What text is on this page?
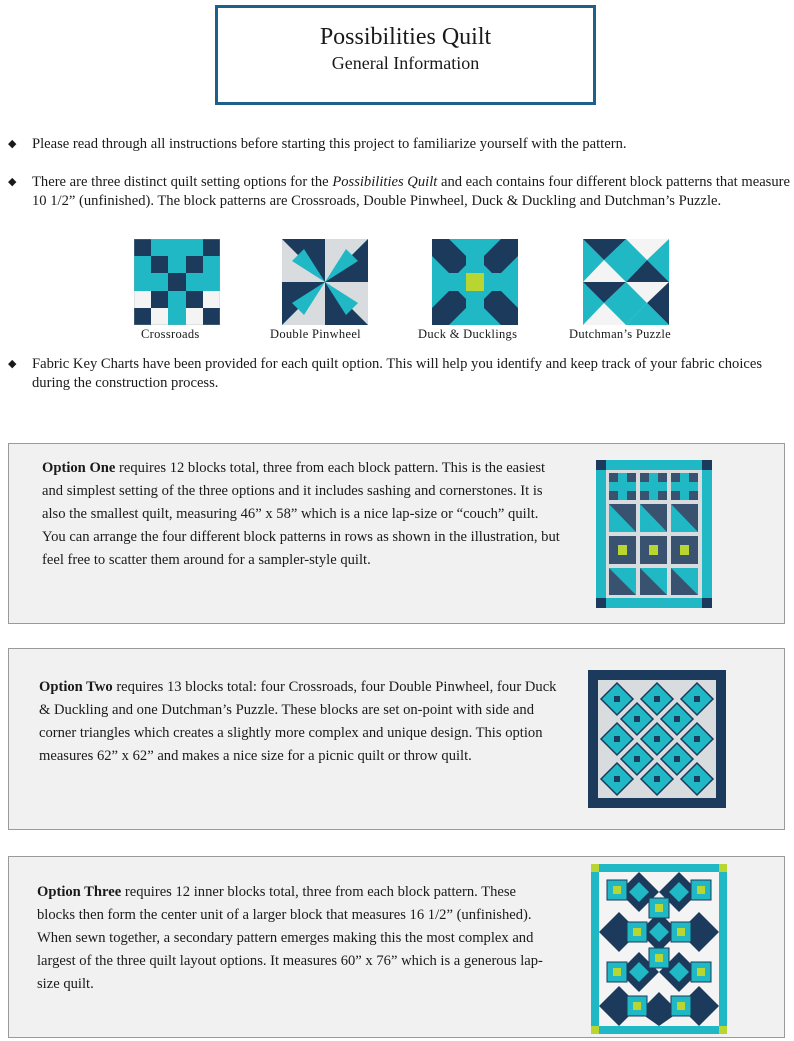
Possibilities Quilt
General Information
◆ Please read through all instructions before starting this project to familiarize yourself with the pattern.
◆ There are three distinct quilt setting options for the Possibilities Quilt and each contains four different block patterns that measure 10 1/2” (unfinished). The block patterns are Crossroads, Double Pinwheel, Duck & Duckling and Dutchman’s Puzzle.
Crossroads	Double Pinwheel	Duck & Ducklings	Dutchman’s Puzzle
◆ Fabric Key Charts have been provided for each quilt option. This will help you identify and keep track of your fabric choices during the construction process.
Option One requires 12 blocks total, three from each block pattern. This is the easiest and simplest setting of the three options and it includes sashing and cornerstones. It is also the smallest quilt, measuring 46” x 58” which is a nice lap-size or “couch” quilt. You can arrange the four different block patterns in rows as shown in the illustration, but feel free to scatter them around for a sampler-style quilt.
Option Two requires 13 blocks total: four Crossroads, four Double Pinwheel, four Duck & Duckling and one Dutchman’s Puzzle. These blocks are set on-point with side and corner triangles which creates a slightly more complex and unique design. This option measures 62” x 62” and makes a nice size for a picnic quilt or throw quilt.
Option Three requires 12 inner blocks total, three from each block pattern. These blocks then form the center unit of a larger block that measures 16 1/2” (unfinished). When sewn together, a secondary pattern emerges making this the most complex and largest of the three quilt layout options. It measures 60” x 76” which is a generous lap-size quilt.
